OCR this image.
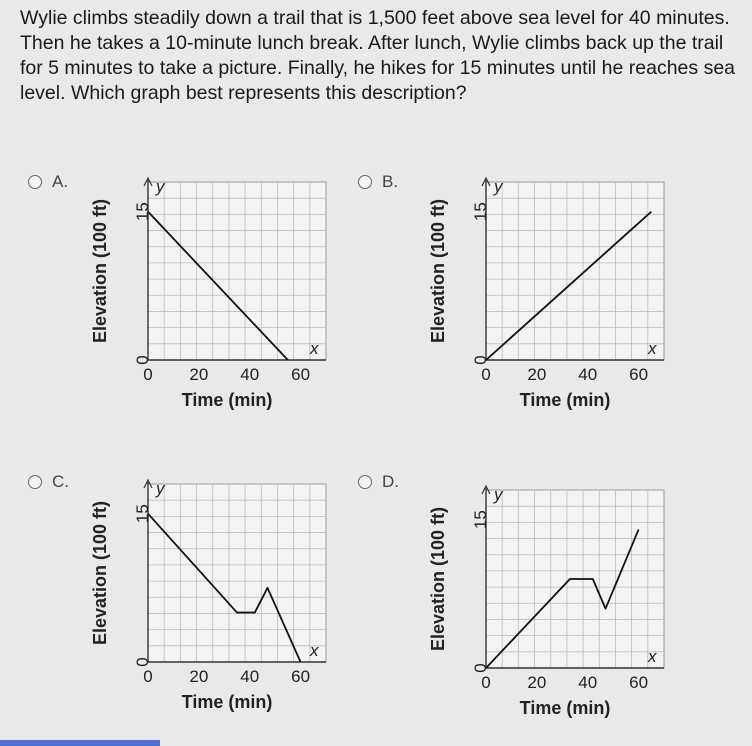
Wylie climbs steadily down a trail that is 1,500 feet above sea level for 40 minutes. Then he takes a 10-minute lunch break. After lunch, Wylie climbs back up the trail for 5 minutes to take a picture. Finally, he hikes for 15 minutes until he reaches sea level. Which graph best represents this description?

A.	B.
C.	D.
y
x
0 20 40 60
0
15
Time (min)
Elevation (100 ft)
y
x
0 20 40 60
0
15
Time (min)
Elevation (100 ft)
y
x
0 20 40 60
0
15
Time (min)
Elevation (100 ft)
y
x
0 20 40 60
0
15
Time (min)
Elevation (100 ft)
